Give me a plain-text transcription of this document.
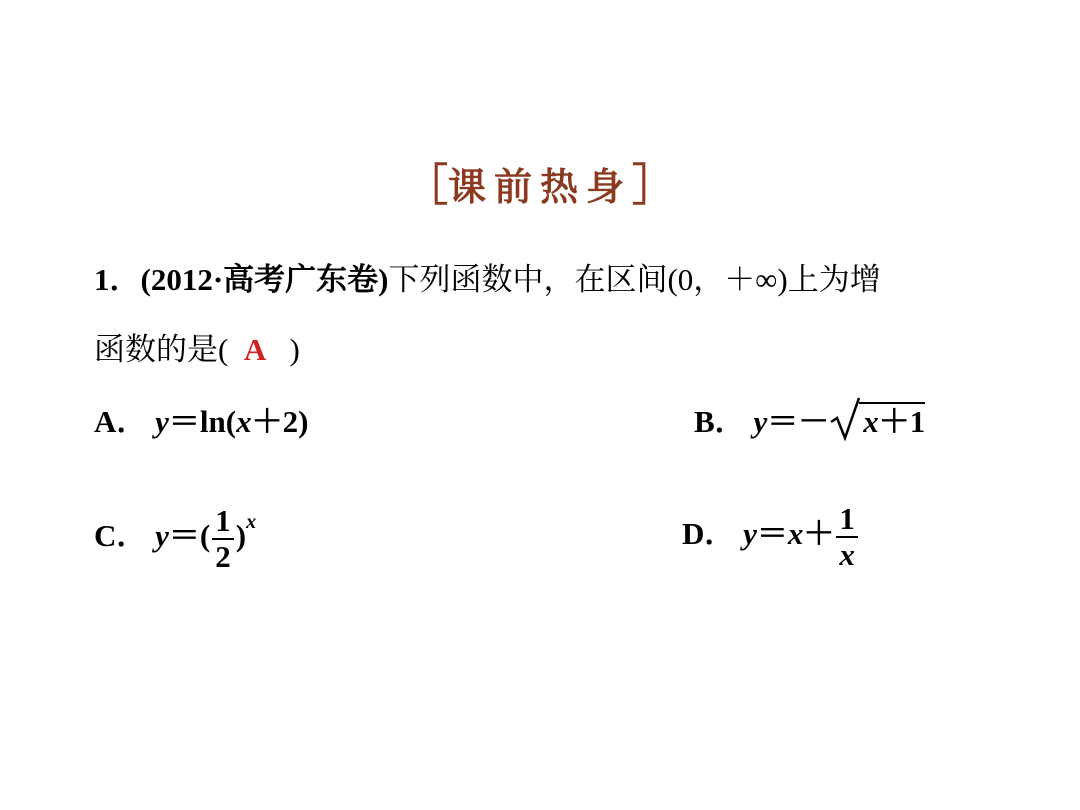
［课前热身］
1．(2012·高考广东卷)下列函数中，在区间(0，＋∞)上为增
函数的是( A )
A． y＝ln(x＋2)	B． y＝－ x＋1
C． $y=( \frac{1}{2} )^x$	D． $y=x+ \frac{1}{x}$
